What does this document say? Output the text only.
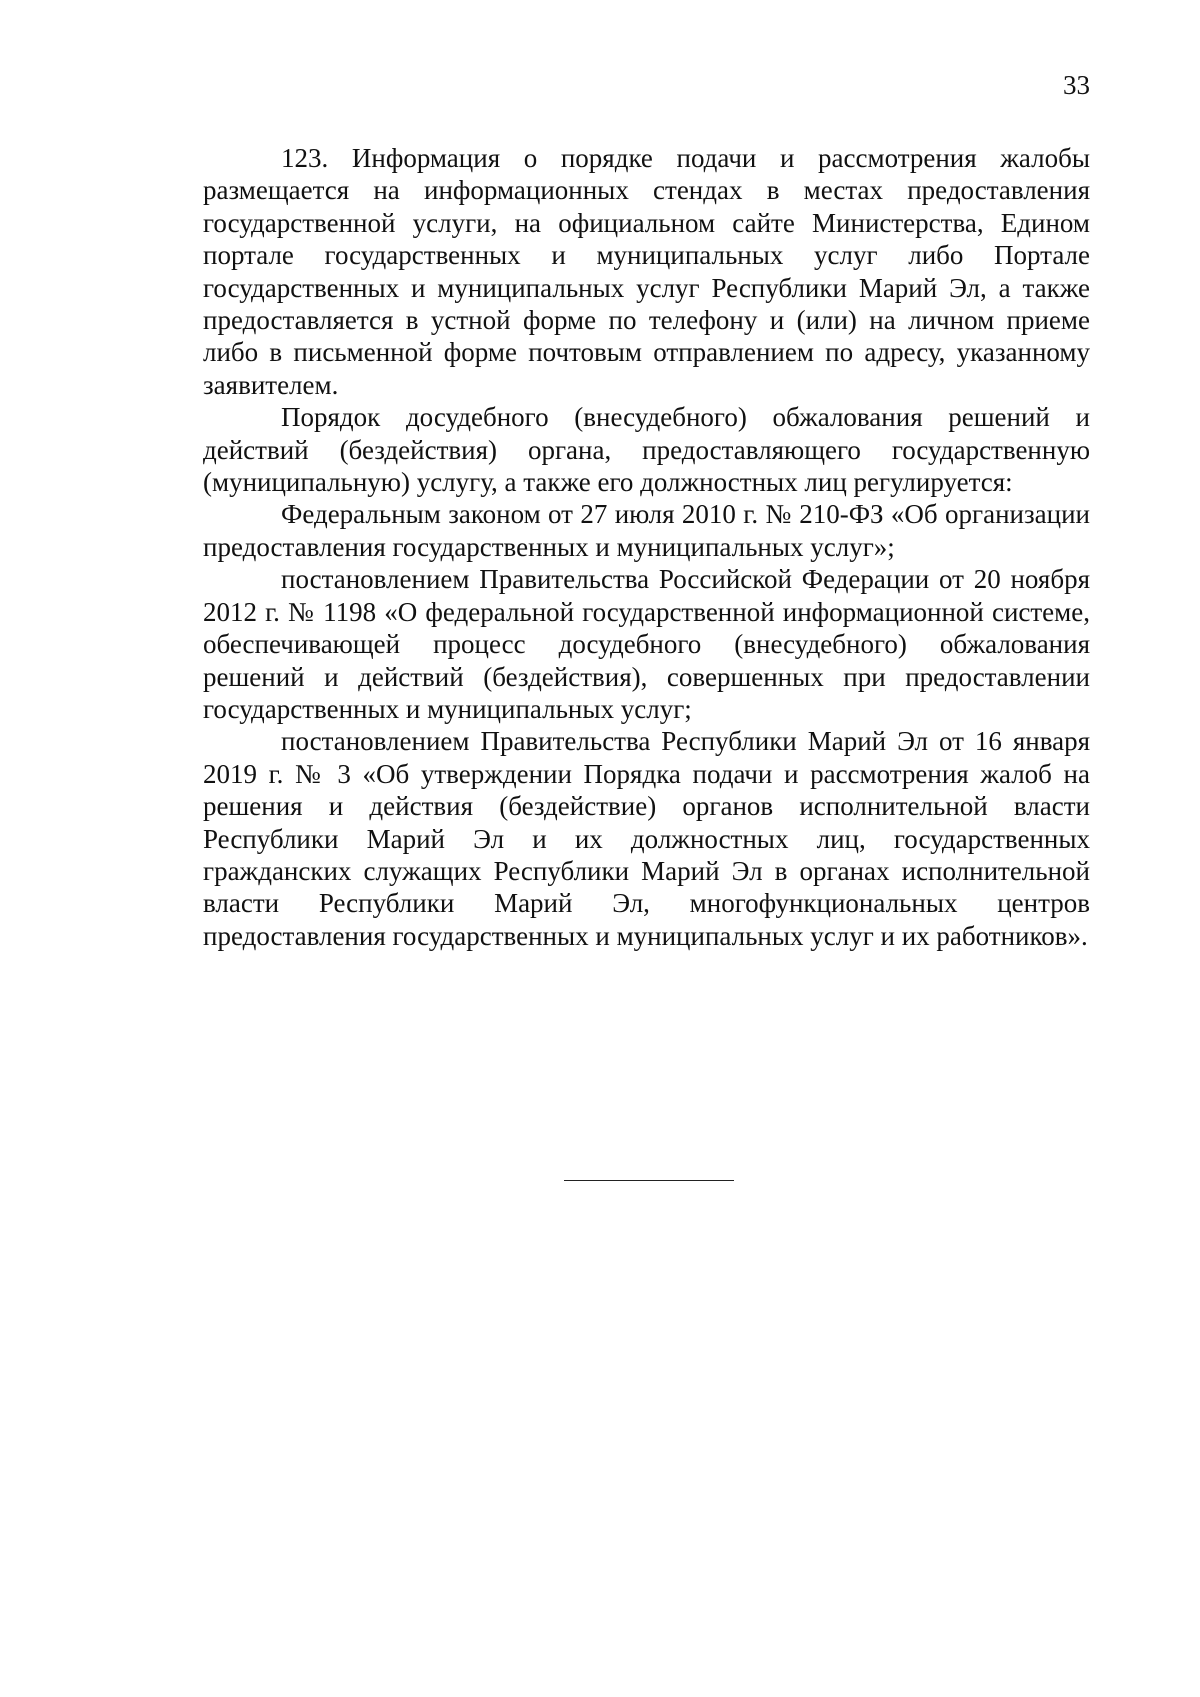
33

123. Информация о порядке подачи и рассмотрения жалобы размещается на информационных стендах в местах предоставления государственной услуги, на официальном сайте Министерства, Едином портале государственных и муниципальных услуг либо Портале государственных и муниципальных услуг Республики Марий Эл, а также предоставляется в устной форме по телефону и (или) на личном приеме либо в письменной форме почтовым отправлением по адресу, указанному заявителем.

Порядок досудебного (внесудебного) обжалования решений и действий (бездействия) органа, предоставляющего государственную (муниципальную) услугу, а также его должностных лиц регулируется:

Федеральным законом от 27 июля 2010 г. № 210-ФЗ «Об организации предоставления государственных и муниципальных услуг»;

постановлением Правительства Российской Федерации от 20 ноября 2012 г. № 1198 «О федеральной государственной информационной системе, обеспечивающей процесс досудебного (внесудебного) обжалования решений и действий (бездействия), совершенных при предоставлении государственных и муниципальных услуг;

постановлением Правительства Республики Марий Эл от 16 января 2019 г. № 3 «Об утверждении Порядка подачи и рассмотрения жалоб на решения и действия (бездействие) органов исполнительной власти Республики Марий Эл и их должностных лиц, государственных гражданских служащих Республики Марий Эл в органах исполнительной власти Республики Марий Эл, многофункциональных центров предоставления государственных и муниципальных услуг и их работников».
